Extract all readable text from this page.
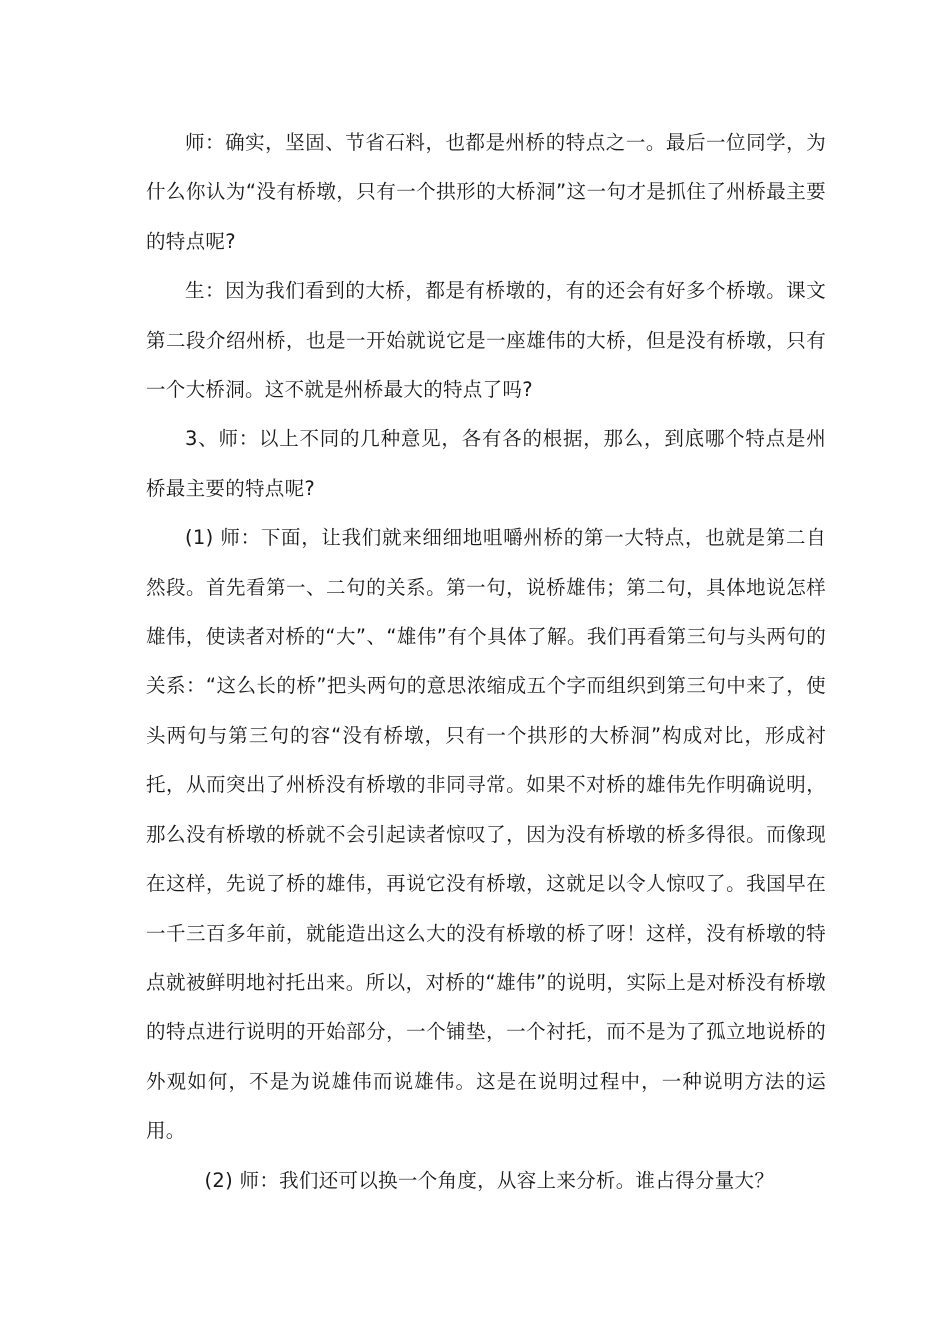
师：确实，坚固、节省石料，也都是州桥的特点之一。最后一位同学，为什么你认为“没有桥墩，只有一个拱形的大桥洞”这一句才是抓住了州桥最主要的特点呢?

生：因为我们看到的大桥，都是有桥墩的，有的还会有好多个桥墩。课文第二段介绍州桥，也是一开始就说它是一座雄伟的大桥，但是没有桥墩，只有一个大桥洞。这不就是州桥最大的特点了吗?

3、师：以上不同的几种意见，各有各的根据，那么，到底哪个特点是州桥最主要的特点呢?

(1) 师：下面，让我们就来细细地咀嚼州桥的第一大特点，也就是第二自然段。首先看第一、二句的关系。第一句，说桥雄伟；第二句，具体地说怎样雄伟，使读者对桥的“大”、“雄伟”有个具体了解。我们再看第三句与头两句的关系：“这么长的桥”把头两句的意思浓缩成五个字而组织到第三句中来了，使头两句与第三句的容“没有桥墩，只有一个拱形的大桥洞”构成对比，形成衬托，从而突出了州桥没有桥墩的非同寻常。如果不对桥的雄伟先作明确说明，那么没有桥墩的桥就不会引起读者惊叹了，因为没有桥墩的桥多得很。而像现在这样，先说了桥的雄伟，再说它没有桥墩，这就足以令人惊叹了。我国早在一千三百多年前，就能造出这么大的没有桥墩的桥了呀！这样，没有桥墩的特点就被鲜明地衬托出来。所以，对桥的“雄伟”的说明，实际上是对桥没有桥墩的特点进行说明的开始部分，一个铺垫，一个衬托，而不是为了孤立地说桥的外观如何，不是为说雄伟而说雄伟。这是在说明过程中，一种说明方法的运用。

(2) 师：我们还可以换一个角度，从容上来分析。谁占得分量大？
